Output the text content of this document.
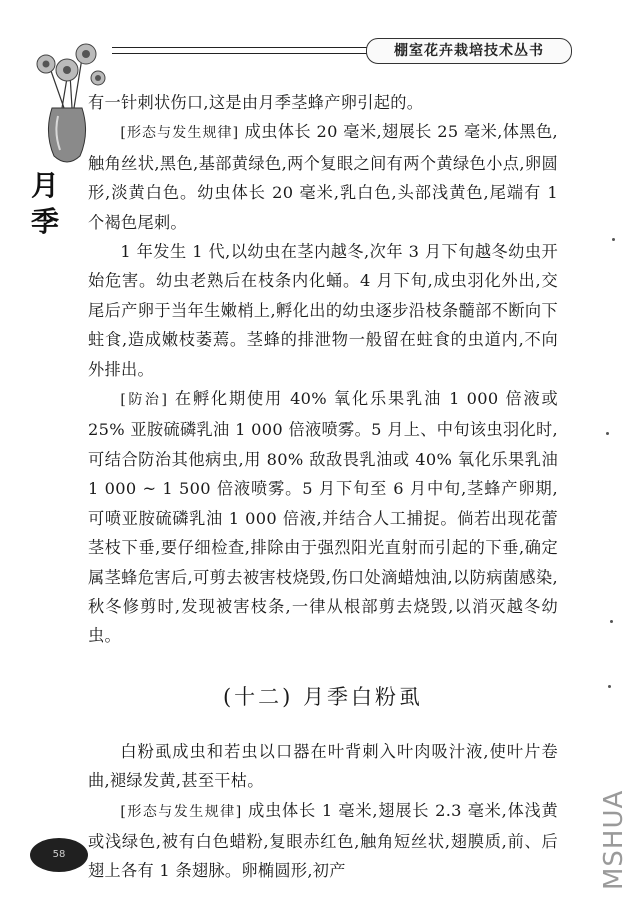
棚室花卉栽培技术丛书
月季

有一针刺状伤口,这是由月季茎蜂产卵引起的。

[形态与发生规律] 成虫体长 20 毫米,翅展长 25 毫米,体黑色,触角丝状,黑色,基部黄绿色,两个复眼之间有两个黄绿色小点,卵圆形,淡黄白色。幼虫体长 20 毫米,乳白色,头部浅黄色,尾端有 1 个褐色尾刺。

1 年发生 1 代,以幼虫在茎内越冬,次年 3 月下旬越冬幼虫开始危害。幼虫老熟后在枝条内化蛹。4 月下旬,成虫羽化外出,交尾后产卵于当年生嫩梢上,孵化出的幼虫逐步沿枝条髓部不断向下蛀食,造成嫩枝萎蔫。茎蜂的排泄物一般留在蛀食的虫道内,不向外排出。

[防治] 在孵化期使用 40% 氧化乐果乳油 1 000 倍液或 25% 亚胺硫磷乳油 1 000 倍液喷雾。5 月上、中旬该虫羽化时,可结合防治其他病虫,用 80% 敌敌畏乳油或 40% 氧化乐果乳油 1 000 ~ 1 500 倍液喷雾。5 月下旬至 6 月中旬,茎蜂产卵期,可喷亚胺硫磷乳油 1 000 倍液,并结合人工捕捉。倘若出现花蕾茎枝下垂,要仔细检查,排除由于强烈阳光直射而引起的下垂,确定属茎蜂危害后,可剪去被害枝烧毁,伤口处滴蜡烛油,以防病菌感染,秋冬修剪时,发现被害枝条,一律从根部剪去烧毁,以消灭越冬幼虫。

(十二) 月季白粉虱

白粉虱成虫和若虫以口器在叶背刺入叶肉吸汁液,使叶片卷曲,褪绿发黄,甚至干枯。

[形态与发生规律] 成虫体长 1 毫米,翅展长 2.3 毫米,体浅黄或浅绿色,被有白色蜡粉,复眼赤红色,触角短丝状,翅膜质,前、后翅上各有 1 条翅脉。卵椭圆形,初产

58	MSHUA
